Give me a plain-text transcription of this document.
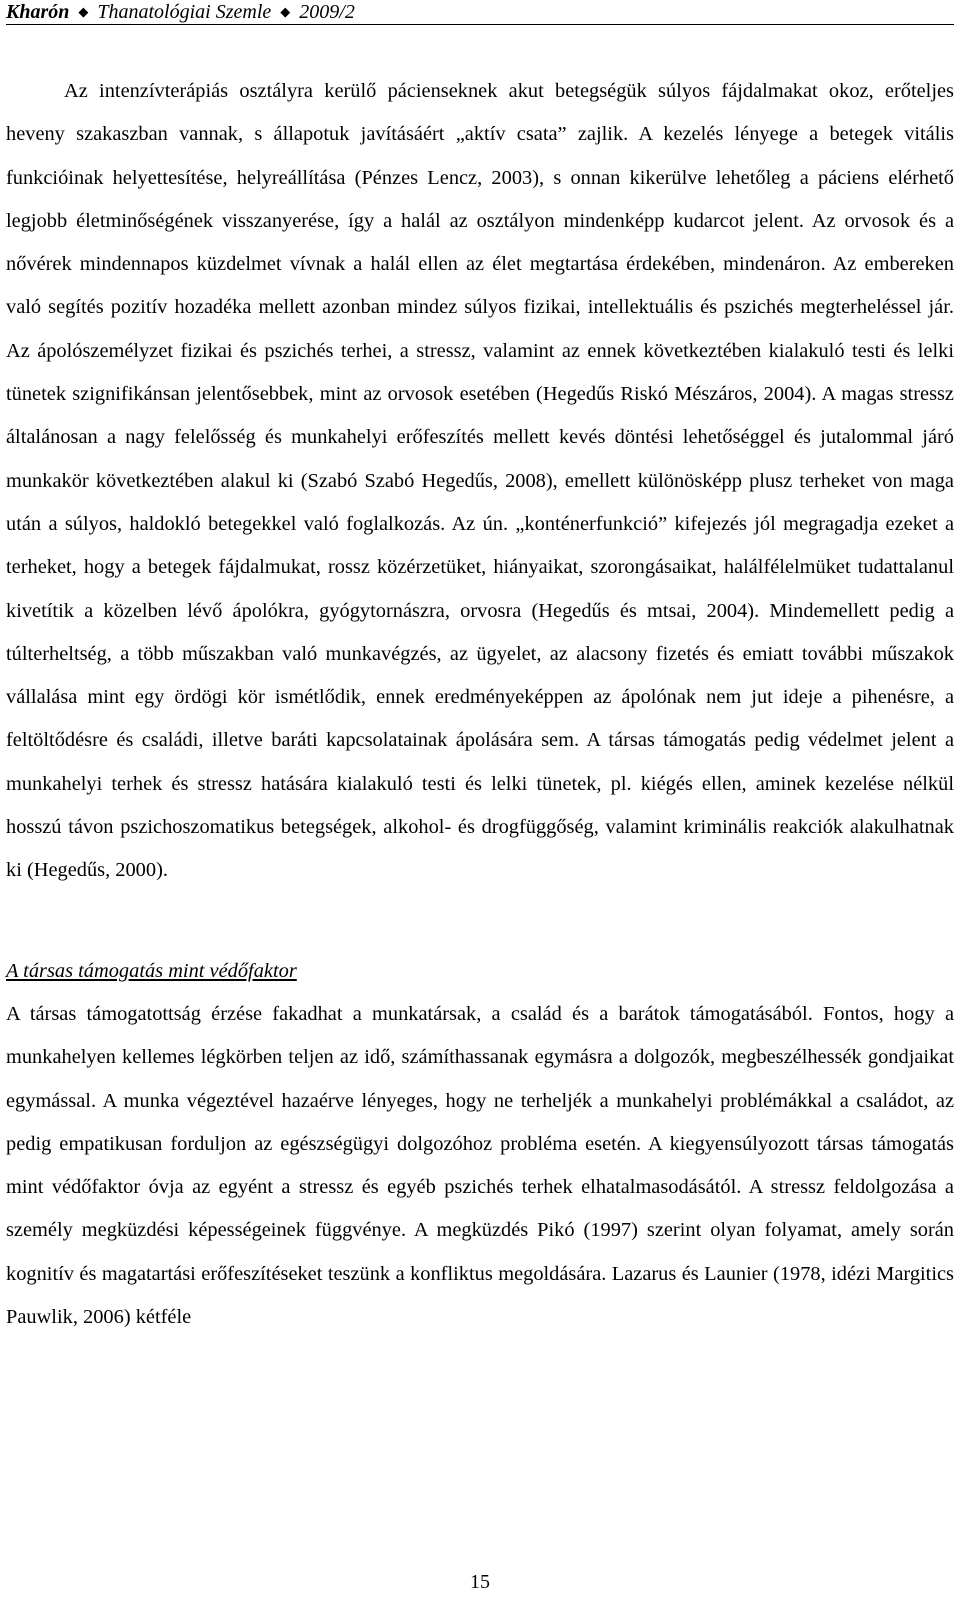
Kharón ◆ Thanatológiai Szemle ◆ 2009/2

Az intenzívterápiás osztályra kerülő pácienseknek akut betegségük súlyos fájdalmakat okoz, erőteljes heveny szakaszban vannak, s állapotuk javításáért „aktív csata” zajlik. A kezelés lényege a betegek vitális funkcióinak helyettesítése, helyreállítása (Pénzes Lencz, 2003), s onnan kikerülve lehetőleg a páciens elérhető legjobb életminőségének visszanyerése, így a halál az osztályon mindenképp kudarcot jelent. Az orvosok és a nővérek mindennapos küzdelmet vívnak a halál ellen az élet megtartása érdekében, mindenáron. Az embereken való segítés pozitív hozadéka mellett azonban mindez súlyos fizikai, intellektuális és pszichés megterheléssel jár. Az ápolószemélyzet fizikai és pszichés terhei, a stressz, valamint az ennek következtében kialakuló testi és lelki tünetek szignifikánsan jelentősebbek, mint az orvosok esetében (Hegedűs Riskó Mészáros, 2004). A magas stressz általánosan a nagy felelősség és munkahelyi erőfeszítés mellett kevés döntési lehetőséggel és jutalommal járó munkakör következtében alakul ki (Szabó Szabó Hegedűs, 2008), emellett különösképp plusz terheket von maga után a súlyos, haldokló betegekkel való foglalkozás. Az ún. „konténerfunkció” kifejezés jól megragadja ezeket a terheket, hogy a betegek fájdalmukat, rossz közérzetüket, hiányaikat, szorongásaikat, halálfélelmüket tudattalanul kivetítik a közelben lévő ápolókra, gyógytornászra, orvosra (Hegedűs és mtsai, 2004). Mindemellett pedig a túlterheltség, a több műszakban való munkavégzés, az ügyelet, az alacsony fizetés és emiatt további műszakok vállalása mint egy ördögi kör ismétlődik, ennek eredményeképpen az ápolónak nem jut ideje a pihenésre, a feltöltődésre és családi, illetve baráti kapcsolatainak ápolására sem. A társas támogatás pedig védelmet jelent a munkahelyi terhek és stressz hatására kialakuló testi és lelki tünetek, pl. kiégés ellen, aminek kezelése nélkül hosszú távon pszichoszomatikus betegségek, alkohol- és drogfüggőség, valamint kriminális reakciók alakulhatnak ki (Hegedűs, 2000).

A társas támogatás mint védőfaktor

A társas támogatottság érzése fakadhat a munkatársak, a család és a barátok támogatásából. Fontos, hogy a munkahelyen kellemes légkörben teljen az idő, számíthassanak egymásra a dolgozók, megbeszélhessék gondjaikat egymással. A munka végeztével hazaérve lényeges, hogy ne terheljék a munkahelyi problémákkal a családot, az pedig empatikusan forduljon az egészségügyi dolgozóhoz probléma esetén. A kiegyensúlyozott társas támogatás mint védőfaktor óvja az egyént a stressz és egyéb pszichés terhek elhatalmasodásától. A stressz feldolgozása a személy megküzdési képességeinek függvénye. A megküzdés Pikó (1997) szerint olyan folyamat, amely során kognitív és magatartási erőfeszítéseket teszünk a konfliktus megoldására. Lazarus és Launier (1978, idézi Margitics Pauwlik, 2006) kétféle

15
